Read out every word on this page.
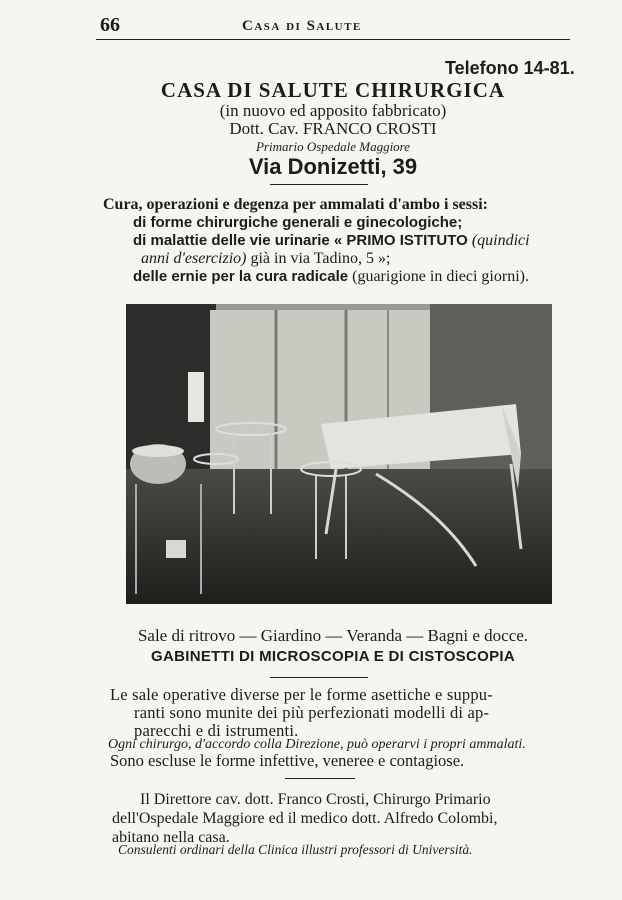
66	Casa di Salute
Telefono 14-81.
CASA DI SALUTE CHIRURGICA
(in nuovo ed apposito fabbricato)
Dott. Cav. FRANCO CROSTI
Primario Ospedale Maggiore
Via Donizetti, 39
Cura, operazioni e degenza per ammalati d'ambo i sessi:
di forme chirurgiche generali e ginecologiche;
di malattie delle vie urinarie « PRIMO ISTITUTO (quindici
anni d'esercizio) già in via Tadino, 5 »;
delle ernie per la cura radicale (guarigione in dieci giorni).
Sale di ritrovo — Giardino — Veranda — Bagni e docce.
GABINETTI DI MICROSCOPIA E DI CISTOSCOPIA
Le sale operative diverse per le forme asettiche e suppu-
ranti sono munite dei più perfezionati modelli di ap-
parecchi e di istrumenti.
Ogni chirurgo, d'accordo colla Direzione, può operarvi i propri ammalati.
Sono escluse le forme infettive, veneree e contagiose.
Il Direttore cav. dott. Franco Crosti, Chirurgo Primario
dell'Ospedale Maggiore ed il medico dott. Alfredo Colombi,
abitano nella casa.
Consulenti ordinari della Clinica illustri professori di Università.
